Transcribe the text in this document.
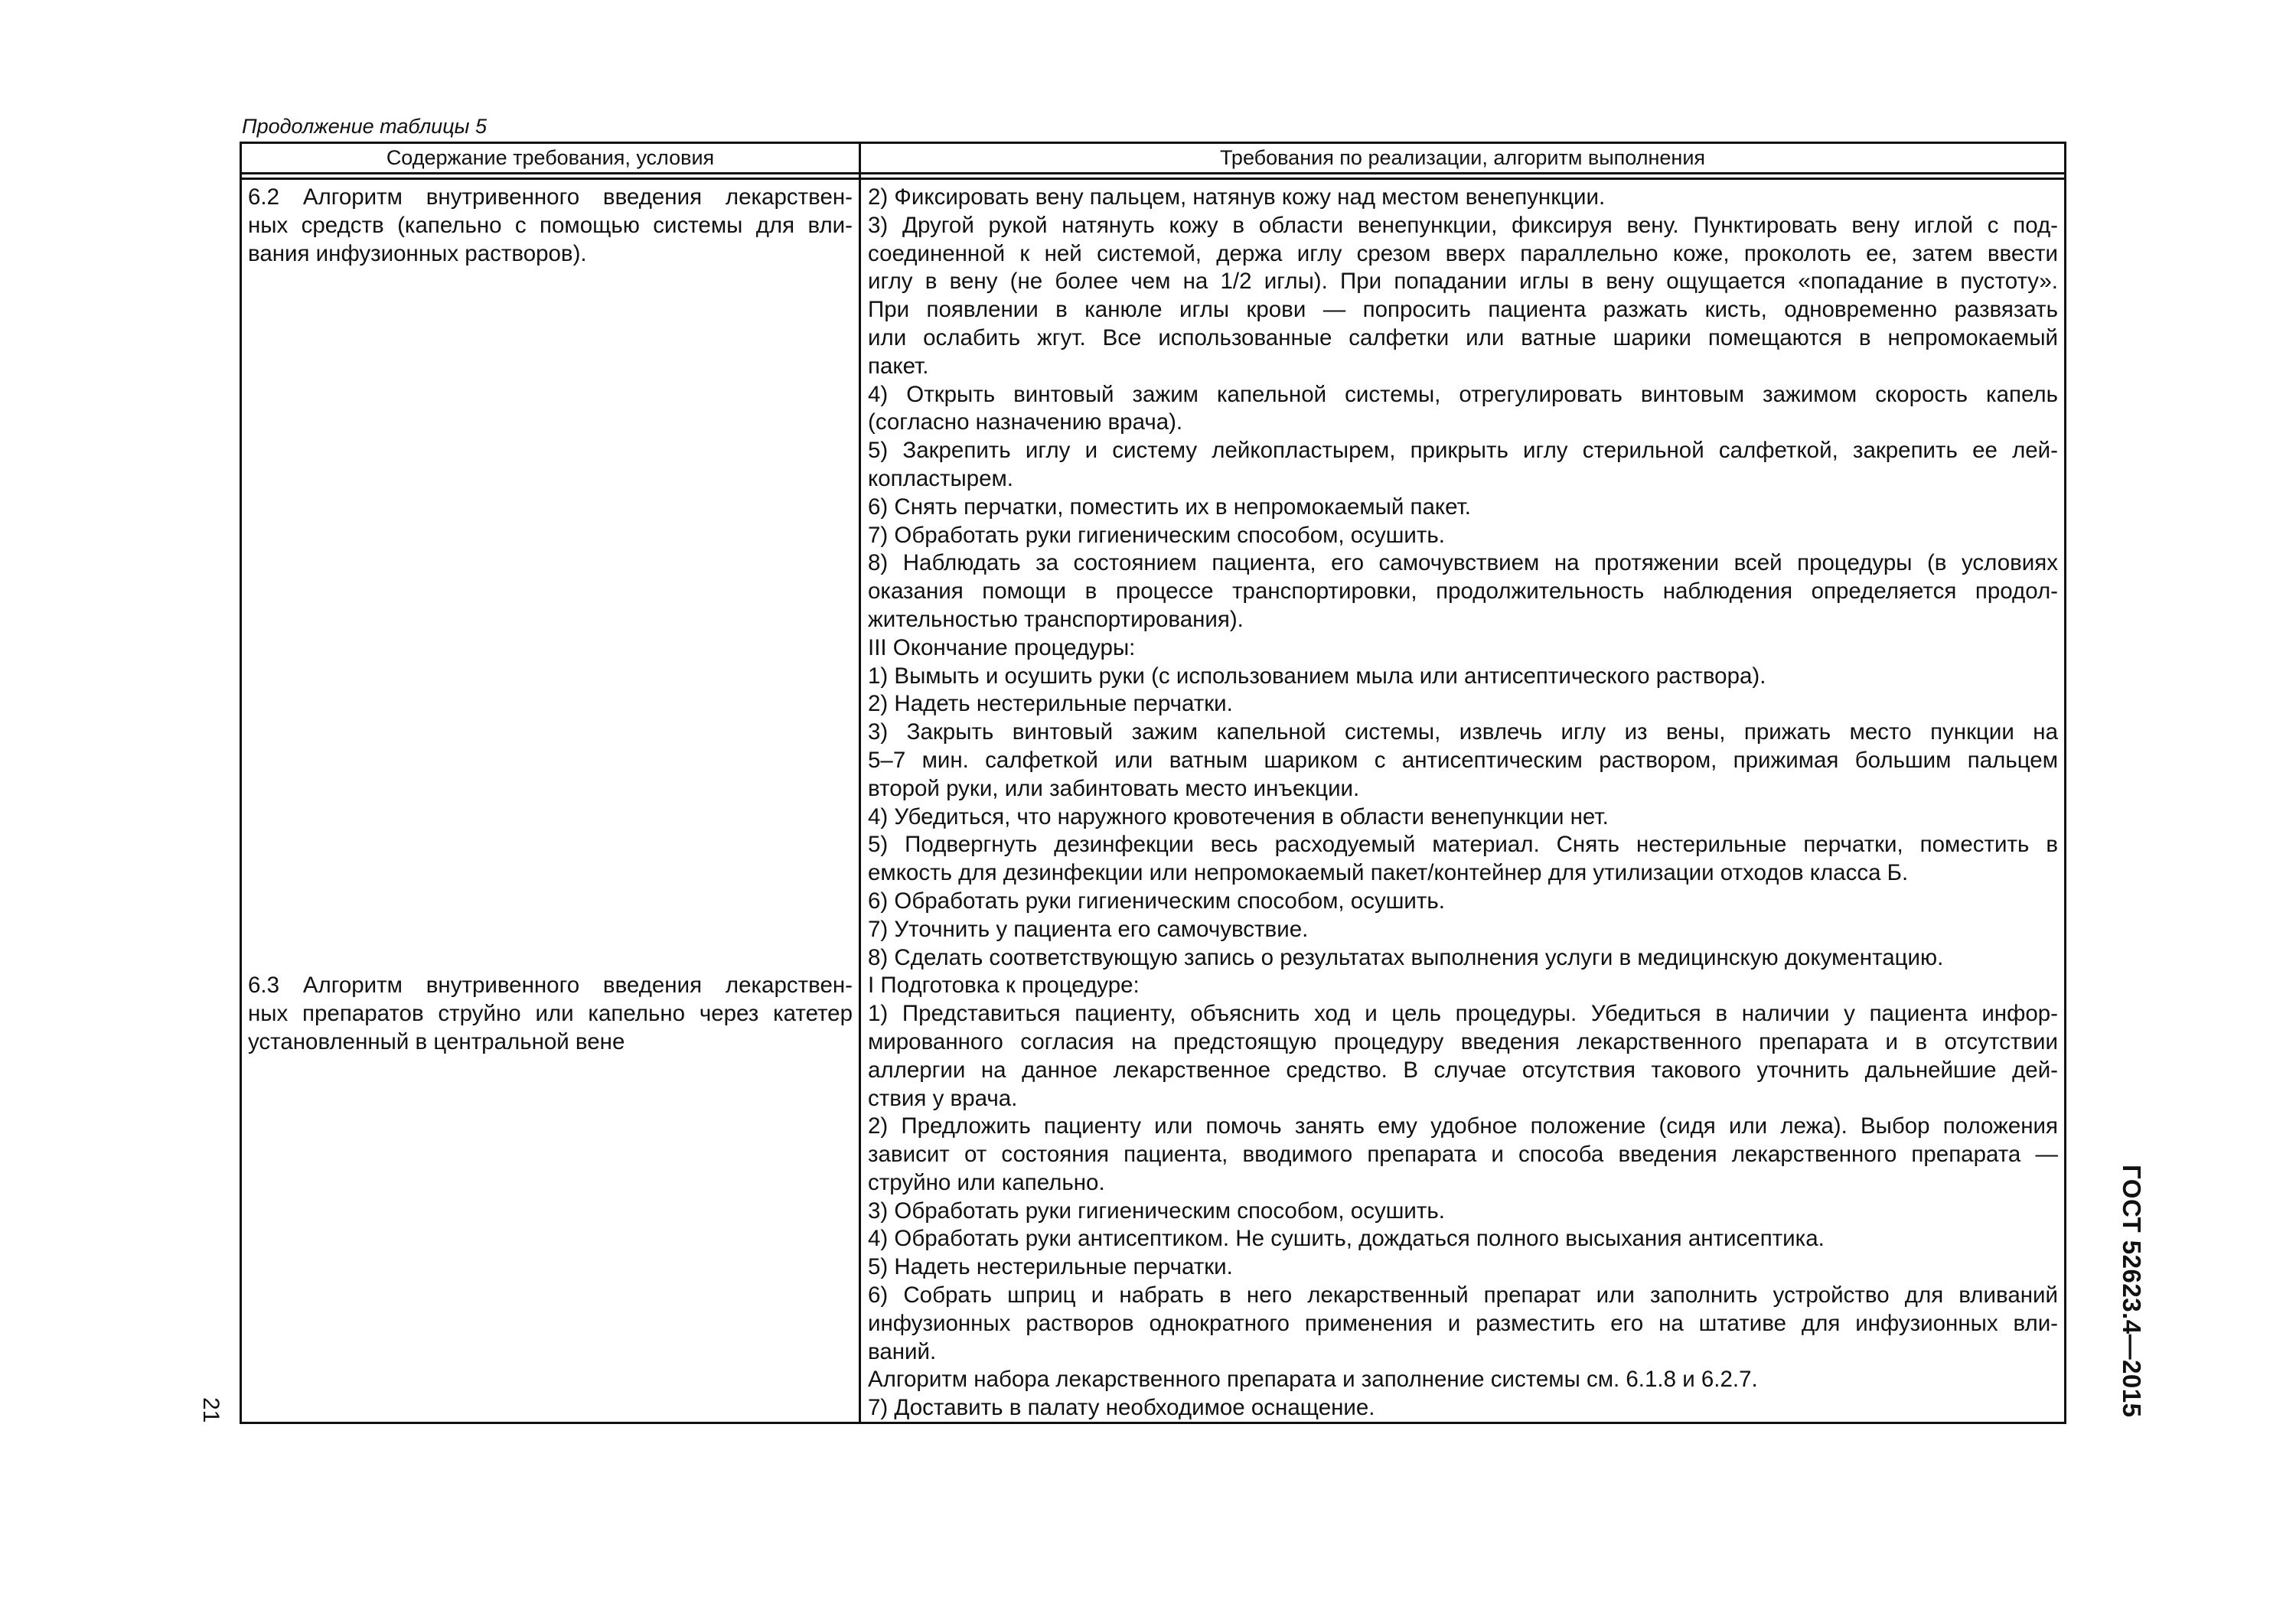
Продолжение таблицы 5
Содержание требования, условия	Требования по реализации, алгоритм выполнения
6.2 Алгоритм внутривенного введения лекарствен-
ных средств (капельно с помощью системы для вли-
вания инфузионных растворов).
6.3 Алгоритм внутривенного введения лекарствен-
ных препаратов струйно или капельно через катетер
установленный в центральной вене
2) Фиксировать вену пальцем, натянув кожу над местом венепункции.
3) Другой рукой натянуть кожу в области венепункции, фиксируя вену. Пунктировать вену иглой с под-
соединенной к ней системой, держа иглу срезом вверх параллельно коже, проколоть ее, затем ввести
иглу в вену (не более чем на 1/2 иглы). При попадании иглы в вену ощущается «попадание в пустоту».
При появлении в канюле иглы крови — попросить пациента разжать кисть, одновременно развязать
или ослабить жгут. Все использованные салфетки или ватные шарики помещаются в непромокаемый
пакет.
4) Открыть винтовый зажим капельной системы, отрегулировать винтовым зажимом скорость капель
(согласно назначению врача).
5) Закрепить иглу и систему лейкопластырем, прикрыть иглу стерильной салфеткой, закрепить ее лей-
копластырем.
6) Снять перчатки, поместить их в непромокаемый пакет.
7) Обработать руки гигиеническим способом, осушить.
8) Наблюдать за состоянием пациента, его самочувствием на протяжении всей процедуры (в условиях
оказания помощи в процессе транспортировки, продолжительность наблюдения определяется продол-
жительностью транспортирования).
III Окончание процедуры:
1) Вымыть и осушить руки (с использованием мыла или антисептического раствора).
2) Надеть нестерильные перчатки.
3) Закрыть винтовый зажим капельной системы, извлечь иглу из вены, прижать место пункции на
5–7 мин. салфеткой или ватным шариком с антисептическим раствором, прижимая большим пальцем
второй руки, или забинтовать место инъекции.
4) Убедиться, что наружного кровотечения в области венепункции нет.
5) Подвергнуть дезинфекции весь расходуемый материал. Снять нестерильные перчатки, поместить в
емкость для дезинфекции или непромокаемый пакет/контейнер для утилизации отходов класса Б.
6) Обработать руки гигиеническим способом, осушить.
7) Уточнить у пациента его самочувствие.
8) Сделать соответствующую запись о результатах выполнения услуги в медицинскую документацию.
I Подготовка к процедуре:
1) Представиться пациенту, объяснить ход и цель процедуры. Убедиться в наличии у пациента инфор-
мированного согласия на предстоящую процедуру введения лекарственного препарата и в отсутствии
аллергии на данное лекарственное средство. В случае отсутствия такового уточнить дальнейшие дей-
ствия у врача.
2) Предложить пациенту или помочь занять ему удобное положение (сидя или лежа). Выбор положения
зависит от состояния пациента, вводимого препарата и способа введения лекарственного препарата —
струйно или капельно.
3) Обработать руки гигиеническим способом, осушить.
4) Обработать руки антисептиком. Не сушить, дождаться полного высыхания антисептика.
5) Надеть нестерильные перчатки.
6) Собрать шприц и набрать в него лекарственный препарат или заполнить устройство для вливаний
инфузионных растворов однократного применения и разместить его на штативе для инфузионных вли-
ваний.
Алгоритм набора лекарственного препарата и заполнение системы см. 6.1.8 и 6.2.7.
7) Доставить в палату необходимое оснащение.	ГОСТ 52623.4—2015
21
